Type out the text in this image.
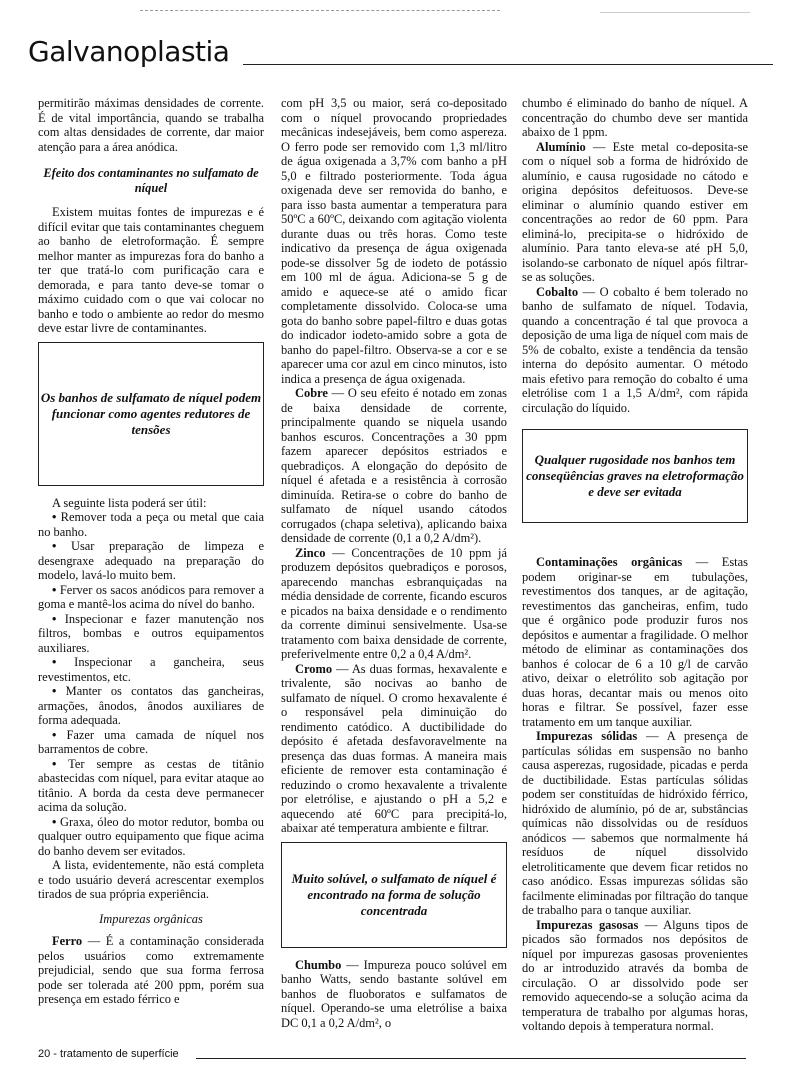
Galvanoplastia

permitirão máximas densidades de corrente. É de vital importância, quando se trabalha com altas densidades de corrente, dar maior atenção para a área anódica.

Efeito dos contaminantes no sulfamato de níquel

Existem muitas fontes de impurezas e é difícil evitar que tais contaminantes cheguem ao banho de eletroformação. É sempre melhor manter as impurezas fora do banho a ter que tratá-lo com purificação cara e demorada, e para tanto deve-se tomar o máximo cuidado com o que vai colocar no banho e todo o ambiente ao redor do mesmo deve estar livre de contaminantes.

Os banhos de sulfamato de níquel podem funcionar como agentes redutores de tensões

A seguinte lista poderá ser útil:

• Remover toda a peça ou metal que caia no banho.

• Usar preparação de limpeza e desengraxe adequado na preparação do modelo, lavá-lo muito bem.

• Ferver os sacos anódicos para remover a goma e mantê-los acima do nível do banho.

• Inspecionar e fazer manutenção nos filtros, bombas e outros equipamentos auxiliares.

• Inspecionar a gancheira, seus revestimentos, etc.

• Manter os contatos das gancheiras, armações, ânodos, ânodos auxiliares de forma adequada.

• Fazer uma camada de níquel nos barramentos de cobre.

• Ter sempre as cestas de titânio abastecidas com níquel, para evitar ataque ao titânio. A borda da cesta deve permanecer acima da solução.

• Graxa, óleo do motor redutor, bomba ou qualquer outro equipamento que fique acima do banho devem ser evitados.

A lista, evidentemente, não está completa e todo usuário deverá acrescentar exemplos tirados de sua própria experiência.

Impurezas orgânicas

Ferro — É a contaminação considerada pelos usuários como extremamente prejudicial, sendo que sua forma ferrosa pode ser tolerada até 200 ppm, porém sua presença em estado férrico e

com pH 3,5 ou maior, será co-depositado com o níquel provocando propriedades mecânicas indesejáveis, bem como aspereza. O ferro pode ser removido com 1,3 ml/litro de água oxigenada a 3,7% com banho a pH 5,0 e filtrado posteriormente. Toda água oxigenada deve ser removida do banho, e para isso basta aumentar a temperatura para 50ºC a 60ºC, deixando com agitação violenta durante duas ou três horas. Como teste indicativo da presença de água oxigenada pode-se dissolver 5g de iodeto de potássio em 100 ml de água. Adiciona-se 5 g de amido e aquece-se até o amido ficar completamente dissolvido. Coloca-se uma gota do banho sobre papel-filtro e duas gotas do indicador iodeto-amido sobre a gota de banho do papel-filtro. Observa-se a cor e se aparecer uma cor azul em cinco minutos, isto indica a presença de água oxigenada.

Cobre — O seu efeito é notado em zonas de baixa densidade de corrente, principalmente quando se niquela usando banhos escuros. Concentrações a 30 ppm fazem aparecer depósitos estriados e quebradiços. A elongação do depósito de níquel é afetada e a resistência à corrosão diminuída. Retira-se o cobre do banho de sulfamato de níquel usando cátodos corrugados (chapa seletiva), aplicando baixa densidade de corrente (0,1 a 0,2 A/dm²).

Zinco — Concentrações de 10 ppm já produzem depósitos quebradiços e porosos, aparecendo manchas esbranquiçadas na média densidade de corrente, ficando escuros e picados na baixa densidade e o rendimento da corrente diminui sensivelmente. Usa-se tratamento com baixa densidade de corrente, preferivelmente entre 0,2 a 0,4 A/dm².

Cromo — As duas formas, hexavalente e trivalente, são nocivas ao banho de sulfamato de níquel. O cromo hexavalente é o responsável pela diminuição do rendimento catódico. A ductibilidade do depósito é afetada desfavoravelmente na presença das duas formas. A maneira mais eficiente de remover esta contaminação é reduzindo o cromo hexavalente a trivalente por eletrólise, e ajustando o pH a 5,2 e aquecendo até 60ºC para precipitá-lo, abaixar até temperatura ambiente e filtrar.

Muito solúvel, o sulfamato de níquel é encontrado na forma de solução concentrada

Chumbo — Impureza pouco solúvel em banho Watts, sendo bastante solúvel em banhos de fluoboratos e sulfamatos de níquel. Operando-se uma eletrólise a baixa DC 0,1 a 0,2 A/dm², o

chumbo é eliminado do banho de níquel. A concentração do chumbo deve ser mantida abaixo de 1 ppm.

Alumínio — Este metal co-deposita-se com o níquel sob a forma de hidróxido de alumínio, e causa rugosidade no cátodo e origina depósitos defeituosos. Deve-se eliminar o alumínio quando estiver em concentrações ao redor de 60 ppm. Para eliminá-lo, precipita-se o hidróxido de alumínio. Para tanto eleva-se até pH 5,0, isolando-se carbonato de níquel após filtrar-se as soluções.

Cobalto — O cobalto é bem tolerado no banho de sulfamato de níquel. Todavia, quando a concentração é tal que provoca a deposição de uma liga de níquel com mais de 5% de cobalto, existe a tendência da tensão interna do depósito aumentar. O método mais efetivo para remoção do cobalto é uma eletrólise com 1 a 1,5 A/dm², com rápida circulação do líquido.

Qualquer rugosidade nos banhos tem conseqüências graves na eletroformação e deve ser evitada

Contaminações orgânicas — Estas podem originar-se em tubulações, revestimentos dos tanques, ar de agitação, revestimentos das gancheiras, enfim, tudo que é orgânico pode produzir furos nos depósitos e aumentar a fragilidade. O melhor método de eliminar as contaminações dos banhos é colocar de 6 a 10 g/l de carvão ativo, deixar o eletrólito sob agitação por duas horas, decantar mais ou menos oito horas e filtrar. Se possível, fazer esse tratamento em um tanque auxiliar.

Impurezas sólidas — A presença de partículas sólidas em suspensão no banho causa asperezas, rugosidade, picadas e perda de ductibilidade. Estas partículas sólidas podem ser constituídas de hidróxido férrico, hidróxido de alumínio, pó de ar, substâncias químicas não dissolvidas ou de resíduos anódicos — sabemos que normalmente há resíduos de níquel dissolvido eletroliticamente que devem ficar retidos no caso anódico. Essas impurezas sólidas são facilmente eliminadas por filtração do tanque de trabalho para o tanque auxiliar.

Impurezas gasosas — Alguns tipos de picados são formados nos depósitos de níquel por impurezas gasosas provenientes do ar introduzido através da bomba de circulação. O ar dissolvido pode ser removido aquecendo-se a solução acima da temperatura de trabalho por algumas horas, voltando depois à temperatura normal.

20 - tratamento de superfície
